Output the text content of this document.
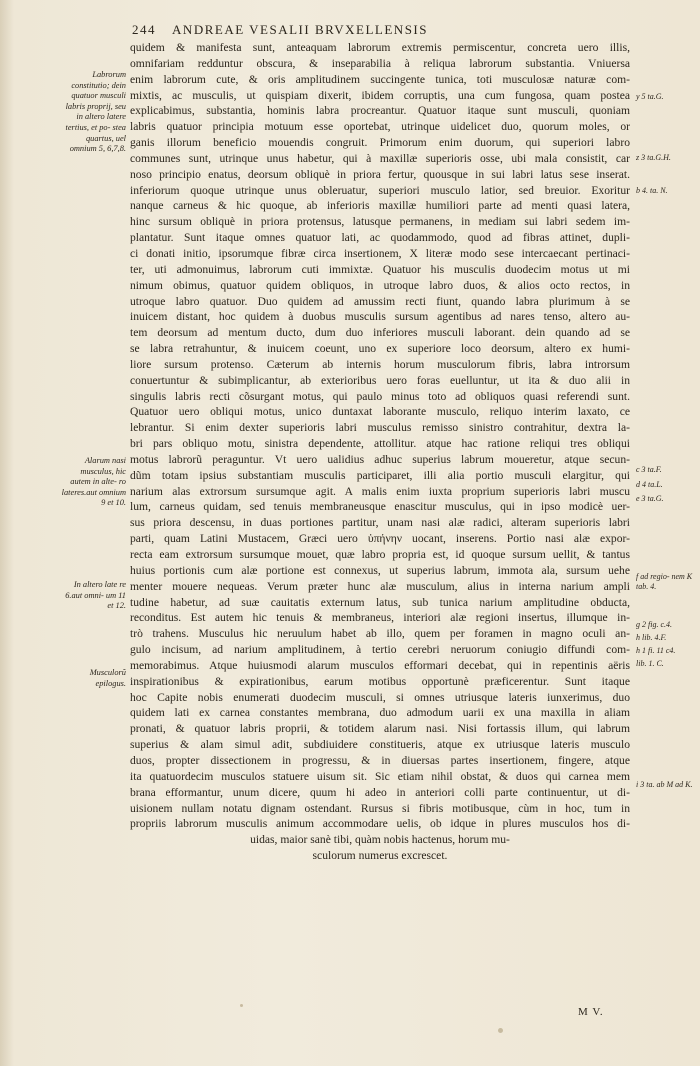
244 ANDREAE VESALII BRVXELLENSIS
quidem & manifesta sunt, anteaquam labrorum extremis permiscentur, concreta uero illis,
omnifariam redduntur obscura, & inseparabilia à reliqua labrorum substantia. Vniuersa
enim labrorum cute, & oris amplitudinem succingente tunica, toti musculosæ naturæ com-
mixtis, ac musculis, ut quispiam dixerit, ibidem corruptis, una cum fungosa, quam postea
explicabimus, substantia, hominis labra procreantur. Quatuor itaque sunt musculi, quoniam
labris quatuor principia motuum esse oportebat, utrinque uidelicet duo, quorum moles, or
ganis illorum beneficio mouendis congruit. Primorum enim duorum, qui superiori labro
communes sunt, utrinque unus habetur, qui à maxillæ superioris osse, ubi mala consistit, car
noso principio enatus, deorsum obliquè in priora fertur, quousque in sui labri latus sese inserat.
inferiorum quoque utrinque unus obleruatur, superiori musculo latior, sed breuior. Exoritur
nanque carneus & hic quoque, ab inferioris maxillæ humiliori parte ad menti quasi latera,
hinc sursum obliquè in priora protensus, latusque permanens, in mediam sui labri sedem im-
plantatur. Sunt itaque omnes quatuor lati, ac quodammodo, quod ad fibras attinet, dupli-
ci donati initio, ipsorumque fibræ circa insertionem, X literæ modo sese intercaecant pertinaci-
ter, uti admonuimus, labrorum cuti immixtæ. Quatuor his musculis duodecim motus ut mi
nimum obimus, quatuor quidem obliquos, in utroque labro duos, & alios octo rectos, in
utroque labro quatuor. Duo quidem ad amussim recti fiunt, quando labra plurimum à se
inuicem distant, hoc quidem à duobus musculis sursum agentibus ad nares tenso, altero au-
tem deorsum ad mentum ducto, dum duo inferiores musculi laborant. dein quando ad se
se labra retrahuntur, & inuicem coeunt, uno ex superiore loco deorsum, altero ex humi-
liore sursum protenso. Cæterum ab internis horum musculorum fibris, labra introrsum
conuertuntur & subimplicantur, ab exterioribus uero foras euelluntur, ut ita & duo alii in
singulis labris recti cõsurgant motus, qui paulo minus toto ad obliquos quasi referendi sunt.
Quatuor uero obliqui motus, unico duntaxat laborante musculo, reliquo interim laxato, ce
lebrantur. Si enim dexter superioris labri musculus remisso sinistro contrahitur, dextra la-
bri pars obliquo motu, sinistra dependente, attollitur. atque hac ratione reliqui tres obliqui
motus labrorũ peraguntur. Vt uero ualidius adhuc superius labrum moueretur, atque secun-
dũm totam ipsius substantiam musculis participaret, illi alia portio musculi elargitur, qui
narium alas extrorsum sursumque agit. A malis enim iuxta proprium superioris labri muscu
lum, carneus quidam, sed tenuis membraneusque enascitur musculus, qui in ipso modicè uer-
sus priora descensu, in duas portiones partitur, unam nasi alæ radici, alteram superioris labri
parti, quam Latini Mustacem, Græci uero ὑπήνην uocant, inserens. Portio nasi alæ expor-
recta eam extrorsum sursumque mouet, quæ labro propria est, id quoque sursum uellit, & tantus
huius portionis cum alæ portione est connexus, ut superius labrum, immota ala, sursum uehe
menter mouere nequeas. Verum præter hunc alæ musculum, alius in interna narium ampli
tudine habetur, ad suæ cauitatis externum latus, sub tunica narium amplitudine obducta,
reconditus. Est autem hic tenuis & membraneus, interiori alæ regioni insertus, illumque in-
trò trahens. Musculus hic neruulum habet ab illo, quem per foramen in magno oculi an-
gulo incisum, ad narium amplitudinem, à tertio cerebri neruorum coniugio diffundi com-
memorabimus. Atque huiusmodi alarum musculos efformari decebat, qui in repentinis aëris
inspirationibus & expirationibus, earum motibus opportunè præficerentur. Sunt itaque
hoc Capite nobis enumerati duodecim musculi, si omnes utriusque lateris iunxerimus, duo
quidem lati ex carnea constantes membrana, duo admodum uarii ex una maxilla in aliam
pronati, & quatuor labris proprii, & totidem alarum nasi. Nisi fortassis illum, qui labrum
superius & alam simul adit, subdiuidere constitueris, atque ex utriusque lateris musculo
duos, propter dissectionem in progressu, & in diuersas partes insertionem, fingere, atque
ita quatuordecim musculos statuere uisum sit. Sic etiam nihil obstat, & duos qui carnea mem
brana efformantur, unum dicere, quum hi adeo in anteriori colli parte continuentur, ut di-
uisionem nullam notatu dignam ostendant. Rursus si fibris motibusque, cùm in hoc, tum in
propriis labrorum musculis animum accommodare uelis, ob idque in plures musculos hos di-
uidas, maior sanè tibi, quàm nobis hactenus, horum mu-
sculorum numerus excrescet.
Labrorum constitutio; dein quatuor musculi labris proprij, seu in altero latere tertius, et po- stea quartus, uel omnium 5, 6,7,8.
Alarum nasi musculus, hic autem in alte- ro lateres.aut omnium 9 et 10.
In altero late re 6.aut omni- um 11 et 12.
Musculorũ epilogus.
y 5 ta.G.
z 3 ta.G.H.
b 4. ta. N.
c 3 ta.F.
d 4 ta.L.
e 3 ta.G.
f ad regio- nem K tab. 4.
g 2 fig. c.4.
h lib. 4.F.
h 1 fi. 11 c4.
lib. 1. C.
i 3 ta. ab M ad K.
M V.
